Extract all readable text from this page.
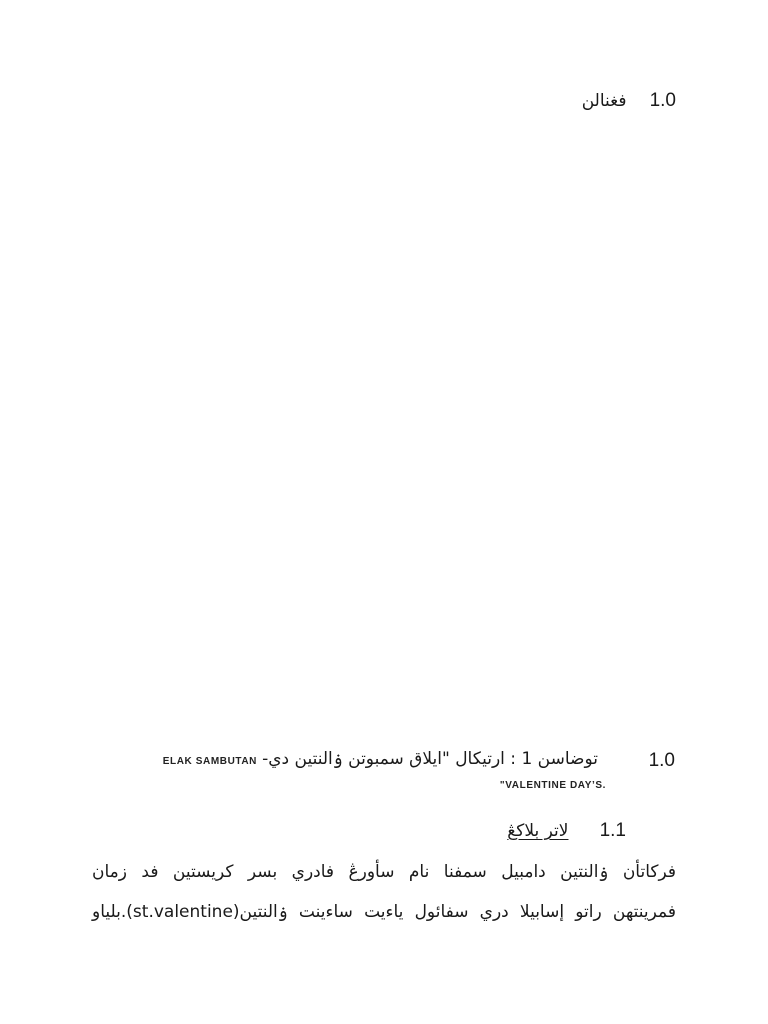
1.0 فغنالن
1.0
توضاسن 1 : ارتيكال "ايلاق سمبوتن ۏالنتين دي- ELAK SAMBUTAN
"VALENTINE DAY’S.
1.1 لاتر بلاكڠ
فركاتأن ۏالنتين دامبيل سمفنا نام سأورڠ فادري بسر كريستين فد زمان
فمرينتهن راتو إسابيلا دري سفائول ياءيت ساءينت ۏالنتين(st.valentine).بلياو
